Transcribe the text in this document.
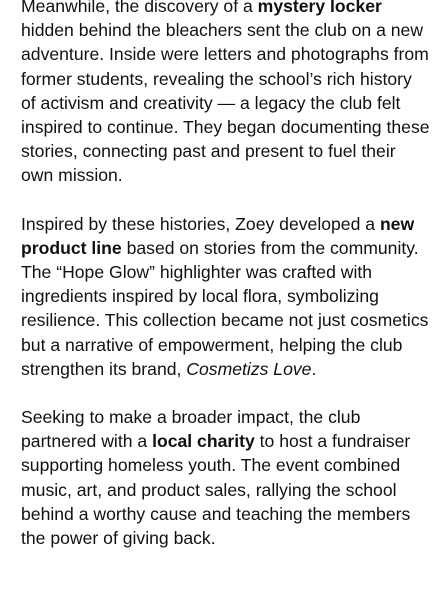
Meanwhile, the discovery of a mystery locker hidden behind the bleachers sent the club on a new adventure. Inside were letters and photographs from former students, revealing the school’s rich history of activism and creativity — a legacy the club felt inspired to continue. They began documenting these stories, connecting past and present to fuel their own mission.

Inspired by these histories, Zoey developed a new product line based on stories from the community. The “Hope Glow” highlighter was crafted with ingredients inspired by local flora, symbolizing resilience. This collection became not just cosmetics but a narrative of empowerment, helping the club strengthen its brand, Cosmetizs Love.

Seeking to make a broader impact, the club partnered with a local charity to host a fundraiser supporting homeless youth. The event combined music, art, and product sales, rallying the school behind a worthy cause and teaching the members the power of giving back.
